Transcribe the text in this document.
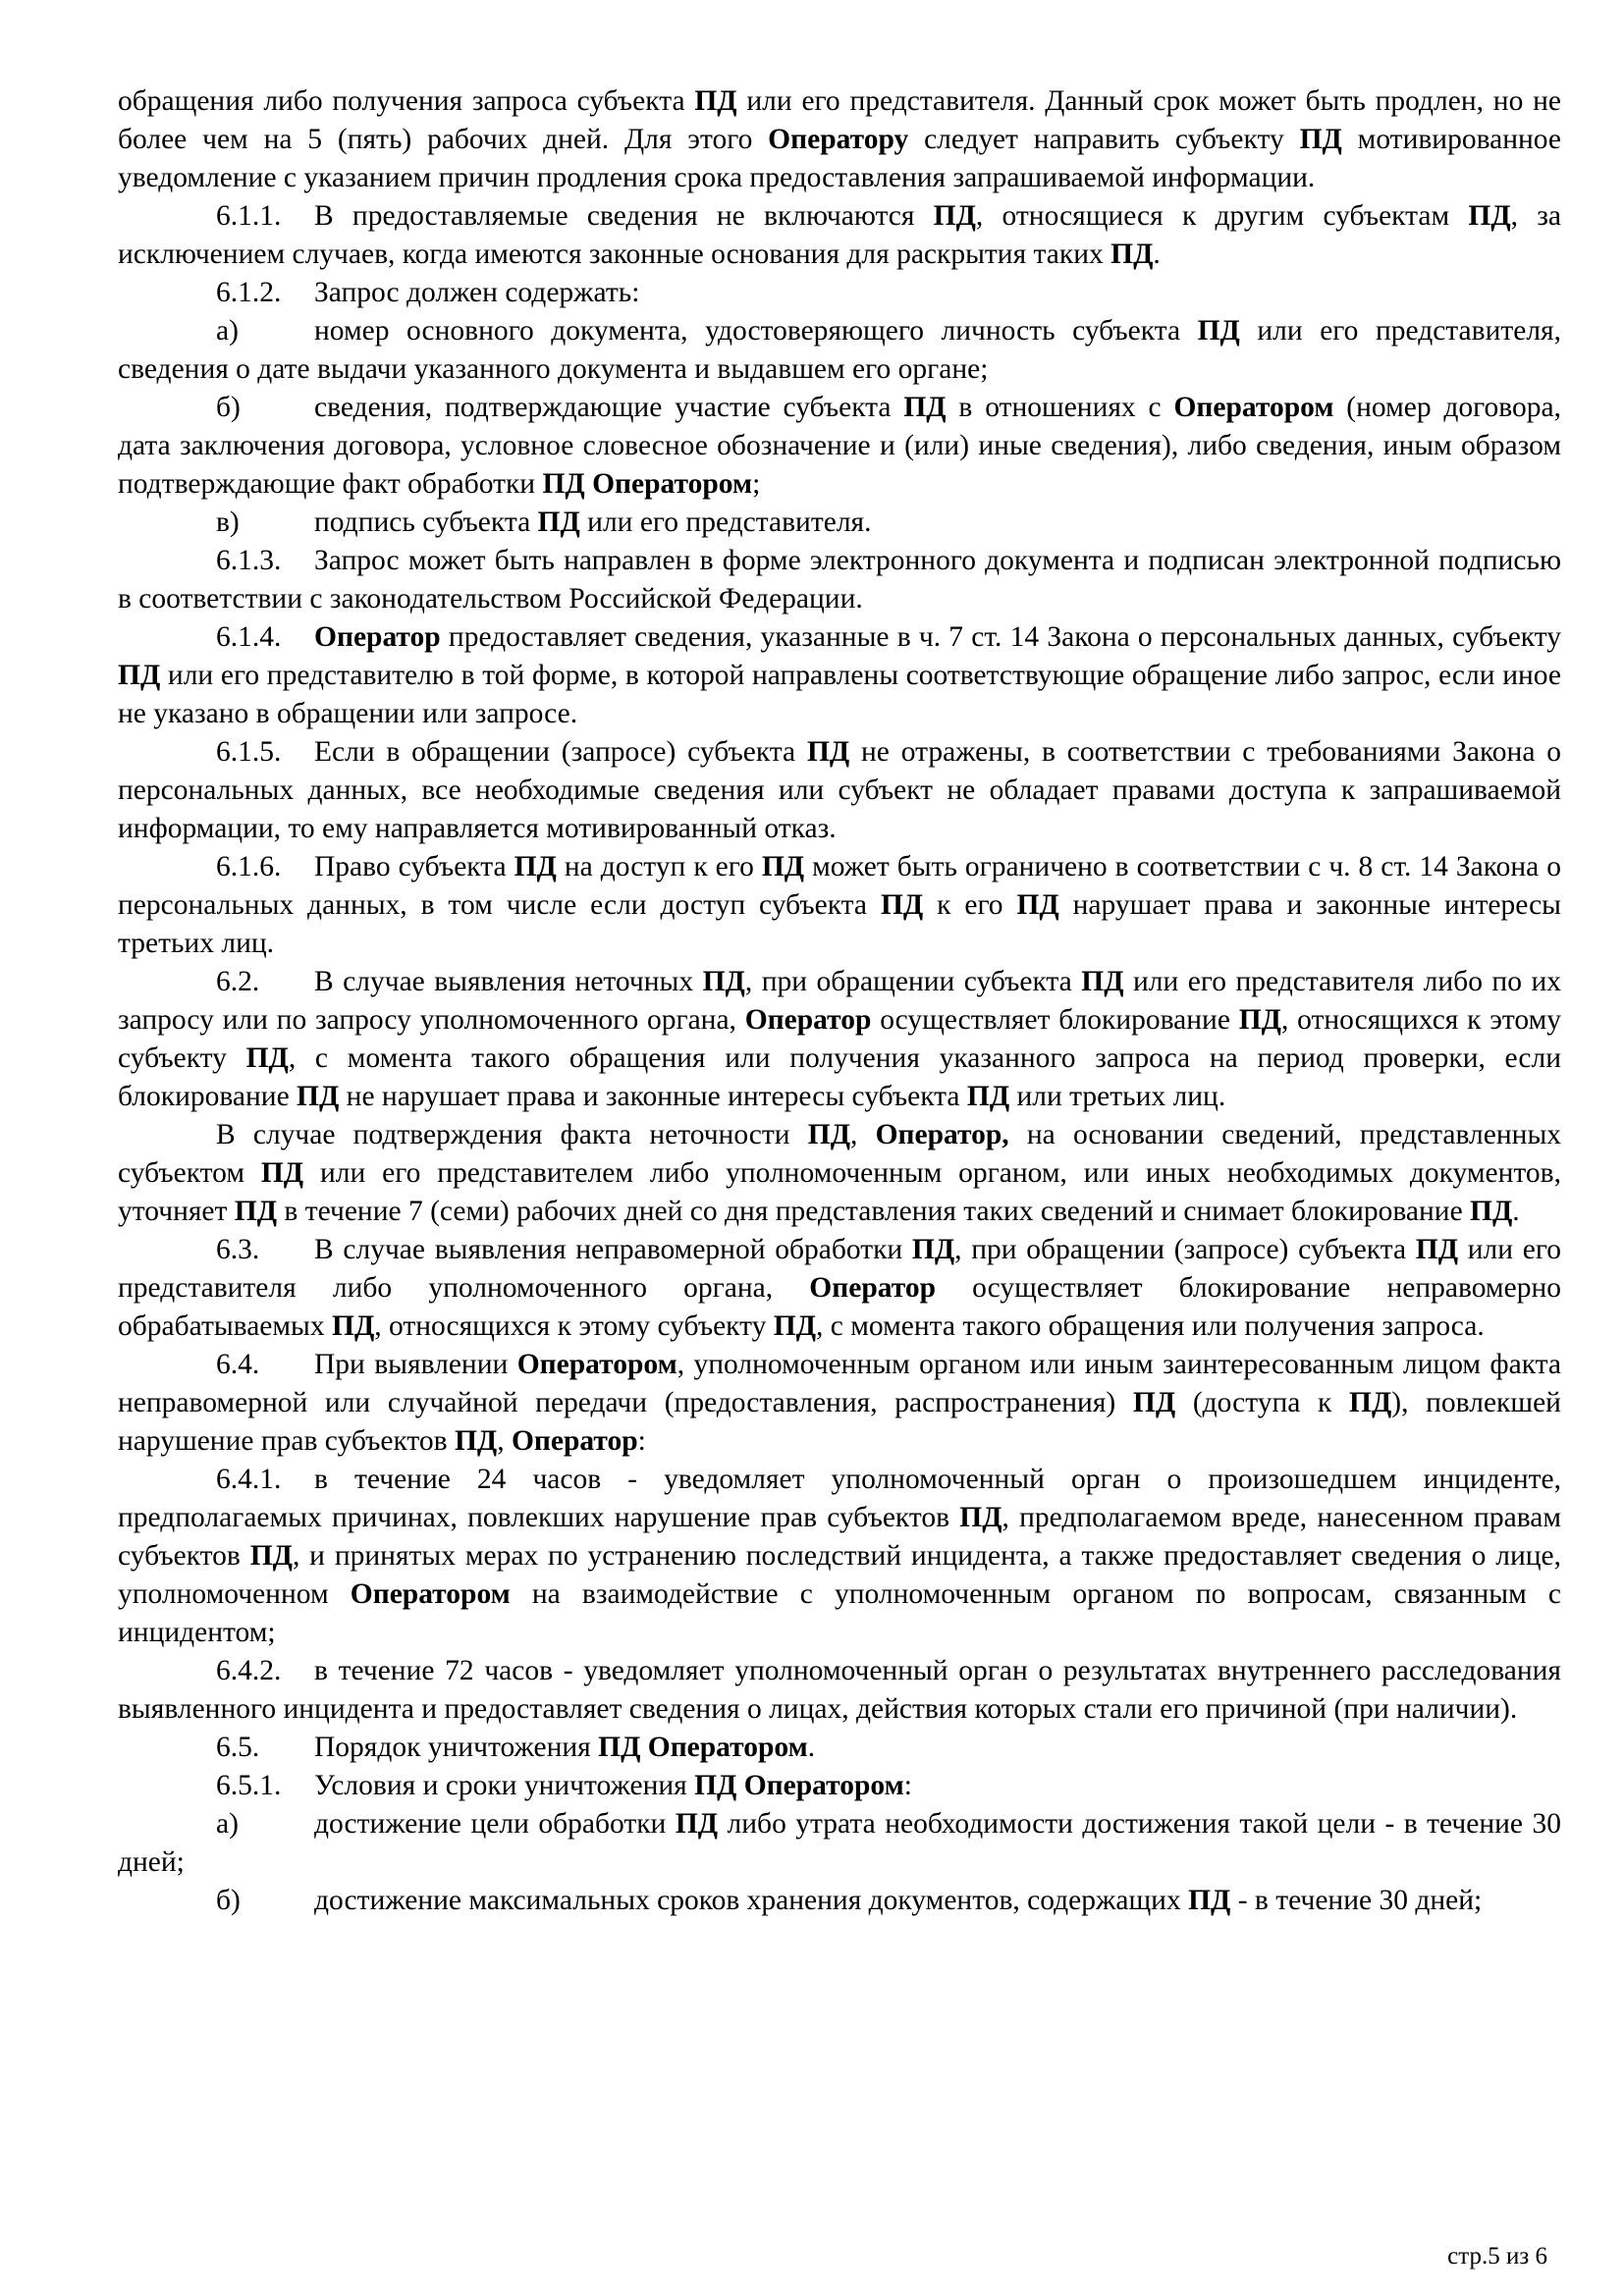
обращения либо получения запроса субъекта ПД или его представителя. Данный срок может быть продлен, но не более чем на 5 (пять) рабочих дней. Для этого Оператору следует направить субъекту ПД мотивированное уведомление с указанием причин продления срока предоставления запрашиваемой информации.

6.1.1. В предоставляемые сведения не включаются ПД, относящиеся к другим субъектам ПД, за исключением случаев, когда имеются законные основания для раскрытия таких ПД.

6.1.2. Запрос должен содержать:

а)	номер основного документа, удостоверяющего личность субъекта ПД или его представителя, сведения о дате выдачи указанного документа и выдавшем его органе;

б)	сведения, подтверждающие участие субъекта ПД в отношениях с Оператором (номер договора, дата заключения договора, условное словесное обозначение и (или) иные сведения), либо сведения, иным образом подтверждающие факт обработки ПД Оператором;

в)	подпись субъекта ПД или его представителя.

6.1.3. Запрос может быть направлен в форме электронного документа и подписан электронной подписью в соответствии с законодательством Российской Федерации.

6.1.4. Оператор предоставляет сведения, указанные в ч. 7 ст. 14 Закона о персональных данных, субъекту ПД или его представителю в той форме, в которой направлены соответствующие обращение либо запрос, если иное не указано в обращении или запросе.

6.1.5. Если в обращении (запросе) субъекта ПД не отражены, в соответствии с требованиями Закона о персональных данных, все необходимые сведения или субъект не обладает правами доступа к запрашиваемой информации, то ему направляется мотивированный отказ.

6.1.6. Право субъекта ПД на доступ к его ПД может быть ограничено в соответствии с ч. 8 ст. 14 Закона о персональных данных, в том числе если доступ субъекта ПД к его ПД нарушает права и законные интересы третьих лиц.

6.2. В случае выявления неточных ПД, при обращении субъекта ПД или его представителя либо по их запросу или по запросу уполномоченного органа, Оператор осуществляет блокирование ПД, относящихся к этому субъекту ПД, с момента такого обращения или получения указанного запроса на период проверки, если блокирование ПД не нарушает права и законные интересы субъекта ПД или третьих лиц.

В случае подтверждения факта неточности ПД, Оператор, на основании сведений, представленных субъектом ПД или его представителем либо уполномоченным органом, или иных необходимых документов, уточняет ПД в течение 7 (семи) рабочих дней со дня представления таких сведений и снимает блокирование ПД.

6.3. В случае выявления неправомерной обработки ПД, при обращении (запросе) субъекта ПД или его представителя либо уполномоченного органа, Оператор осуществляет блокирование неправомерно обрабатываемых ПД, относящихся к этому субъекту ПД, с момента такого обращения или получения запроса.

6.4. При выявлении Оператором, уполномоченным органом или иным заинтересованным лицом факта неправомерной или случайной передачи (предоставления, распространения) ПД (доступа к ПД), повлекшей нарушение прав субъектов ПД, Оператор:

6.4.1. в течение 24 часов - уведомляет уполномоченный орган о произошедшем инциденте, предполагаемых причинах, повлекших нарушение прав субъектов ПД, предполагаемом вреде, нанесенном правам субъектов ПД, и принятых мерах по устранению последствий инцидента, а также предоставляет сведения о лице, уполномоченном Оператором на взаимодействие с уполномоченным органом по вопросам, связанным с инцидентом;

6.4.2. в течение 72 часов - уведомляет уполномоченный орган о результатах внутреннего расследования выявленного инцидента и предоставляет сведения о лицах, действия которых стали его причиной (при наличии).

6.5. Порядок уничтожения ПД Оператором.

6.5.1. Условия и сроки уничтожения ПД Оператором:

а)	достижение цели обработки ПД либо утрата необходимости достижения такой цели - в течение 30 дней;

б)	достижение максимальных сроков хранения документов, содержащих ПД - в течение 30 дней;

стр.5 из 6
